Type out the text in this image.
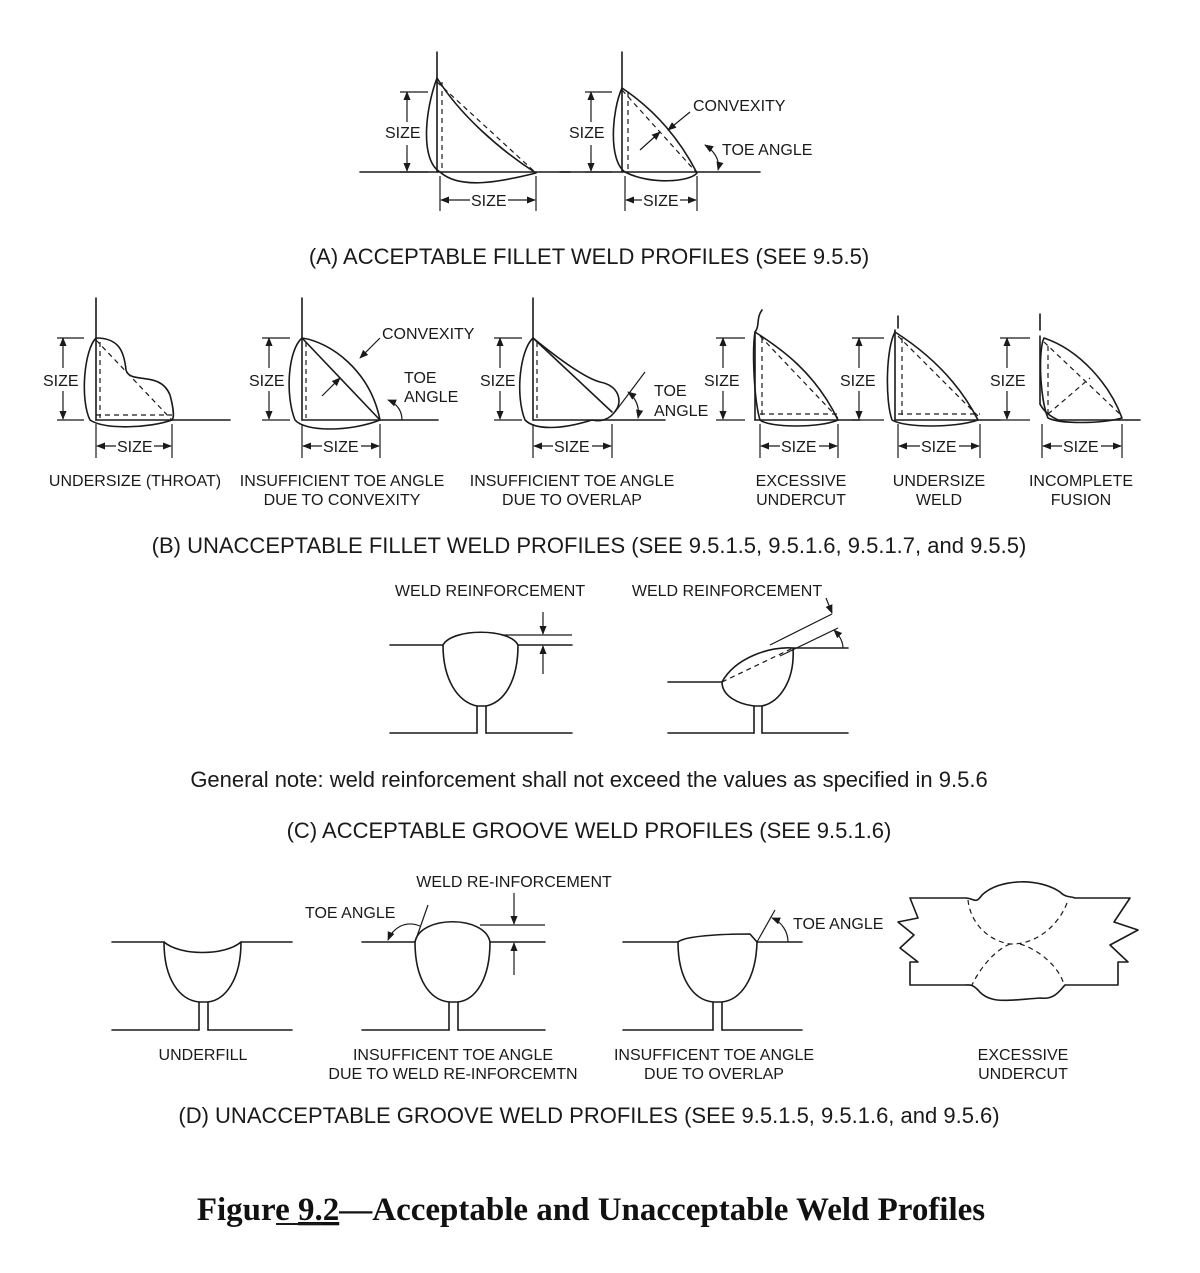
SIZE
SIZE
CONVEXITY
TOE ANGLE
SIZE
SIZE
(A) ACCEPTABLE FILLET WELD PROFILES (SEE 9.5.5)
SIZE
SIZE
UNDERSIZE (THROAT)
CONVEXITY
TOE
ANGLE
SIZE
SIZE
INSUFFICIENT TOE ANGLE
DUE TO CONVEXITY
TOE
ANGLE
SIZE
SIZE
INSUFFICIENT TOE ANGLE
DUE TO OVERLAP
SIZE
SIZE
EXCESSIVE
UNDERCUT
SIZE
SIZE
UNDERSIZE
WELD
SIZE
SIZE
INCOMPLETE
FUSION
(B) UNACCEPTABLE FILLET WELD PROFILES (SEE 9.5.1.5, 9.5.1.6, 9.5.1.7, and 9.5.5)
WELD REINFORCEMENT	WELD REINFORCEMENT
General note: weld reinforcement shall not exceed the values as specified in 9.5.6
(C) ACCEPTABLE GROOVE WELD PROFILES (SEE 9.5.1.6)
UNDERFILL
TOE ANGLE
WELD RE-INFORCEMENT
INSUFFICENT TOE ANGLE
DUE TO WELD RE-INFORCEMTN
TOE ANGLE
INSUFFICENT TOE ANGLE
DUE TO OVERLAP
EXCESSIVE
UNDERCUT
(D) UNACCEPTABLE GROOVE WELD PROFILES (SEE 9.5.1.5, 9.5.1.6, and 9.5.6)
Figure 9.2—Acceptable and Unacceptable Weld Profiles
